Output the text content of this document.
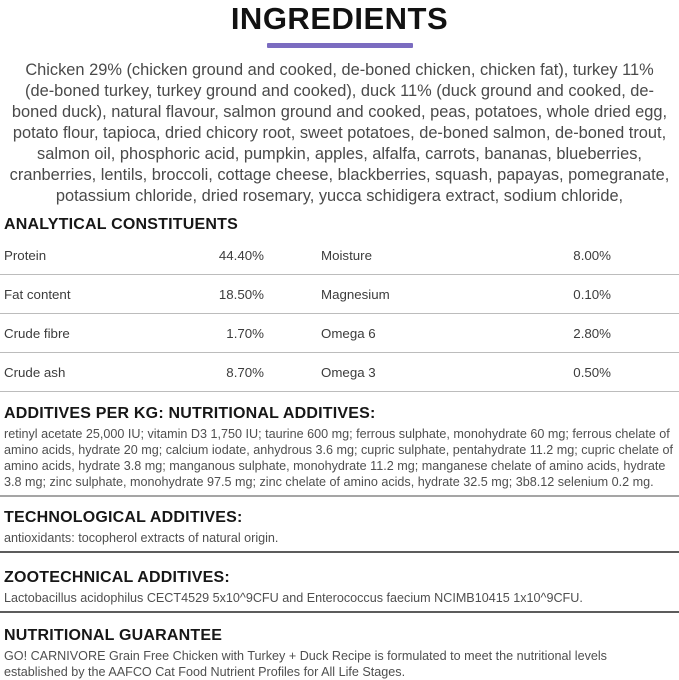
INGREDIENTS
Chicken 29% (chicken ground and cooked, de-boned chicken, chicken fat), turkey 11% (de-boned turkey, turkey ground and cooked), duck 11% (duck ground and cooked, de-boned duck), natural flavour, salmon ground and cooked, peas, potatoes, whole dried egg, potato flour, tapioca, dried chicory root, sweet potatoes, de-boned salmon, de-boned trout, salmon oil, phosphoric acid, pumpkin, apples, alfalfa, carrots, bananas, blueberries, cranberries, lentils, broccoli, cottage cheese, blackberries, squash, papayas, pomegranate, potassium chloride, dried rosemary, yucca schidigera extract, sodium chloride,
ANALYTICAL CONSTITUENTS
Protein	44.40%	Moisture	8.00%
Fat content	18.50%	Magnesium	0.10%
Crude fibre	1.70%	Omega 6	2.80%
Crude ash	8.70%	Omega 3	0.50%
ADDITIVES PER KG: NUTRITIONAL ADDITIVES:
retinyl acetate 25,000 IU; vitamin D3 1,750 IU; taurine 600 mg; ferrous sulphate, monohydrate 60 mg; ferrous chelate of amino acids, hydrate 20 mg; calcium iodate, anhydrous 3.6 mg; cupric sulphate, pentahydrate 11.2 mg; cupric chelate of amino acids, hydrate 3.8 mg; manganous sulphate, monohydrate 11.2 mg; manganese chelate of amino acids, hydrate 3.8 mg; zinc sulphate, monohydrate 97.5 mg; zinc chelate of amino acids, hydrate 32.5 mg; 3b8.12 selenium 0.2 mg.
TECHNOLOGICAL ADDITIVES:
antioxidants: tocopherol extracts of natural origin.
ZOOTECHNICAL ADDITIVES:
Lactobacillus acidophilus CECT4529 5x10^9CFU and Enterococcus faecium NCIMB10415 1x10^9CFU.
NUTRITIONAL GUARANTEE
GO! CARNIVORE Grain Free Chicken with Turkey + Duck Recipe is formulated to meet the nutritional levels established by the AAFCO Cat Food Nutrient Profiles for All Life Stages.
